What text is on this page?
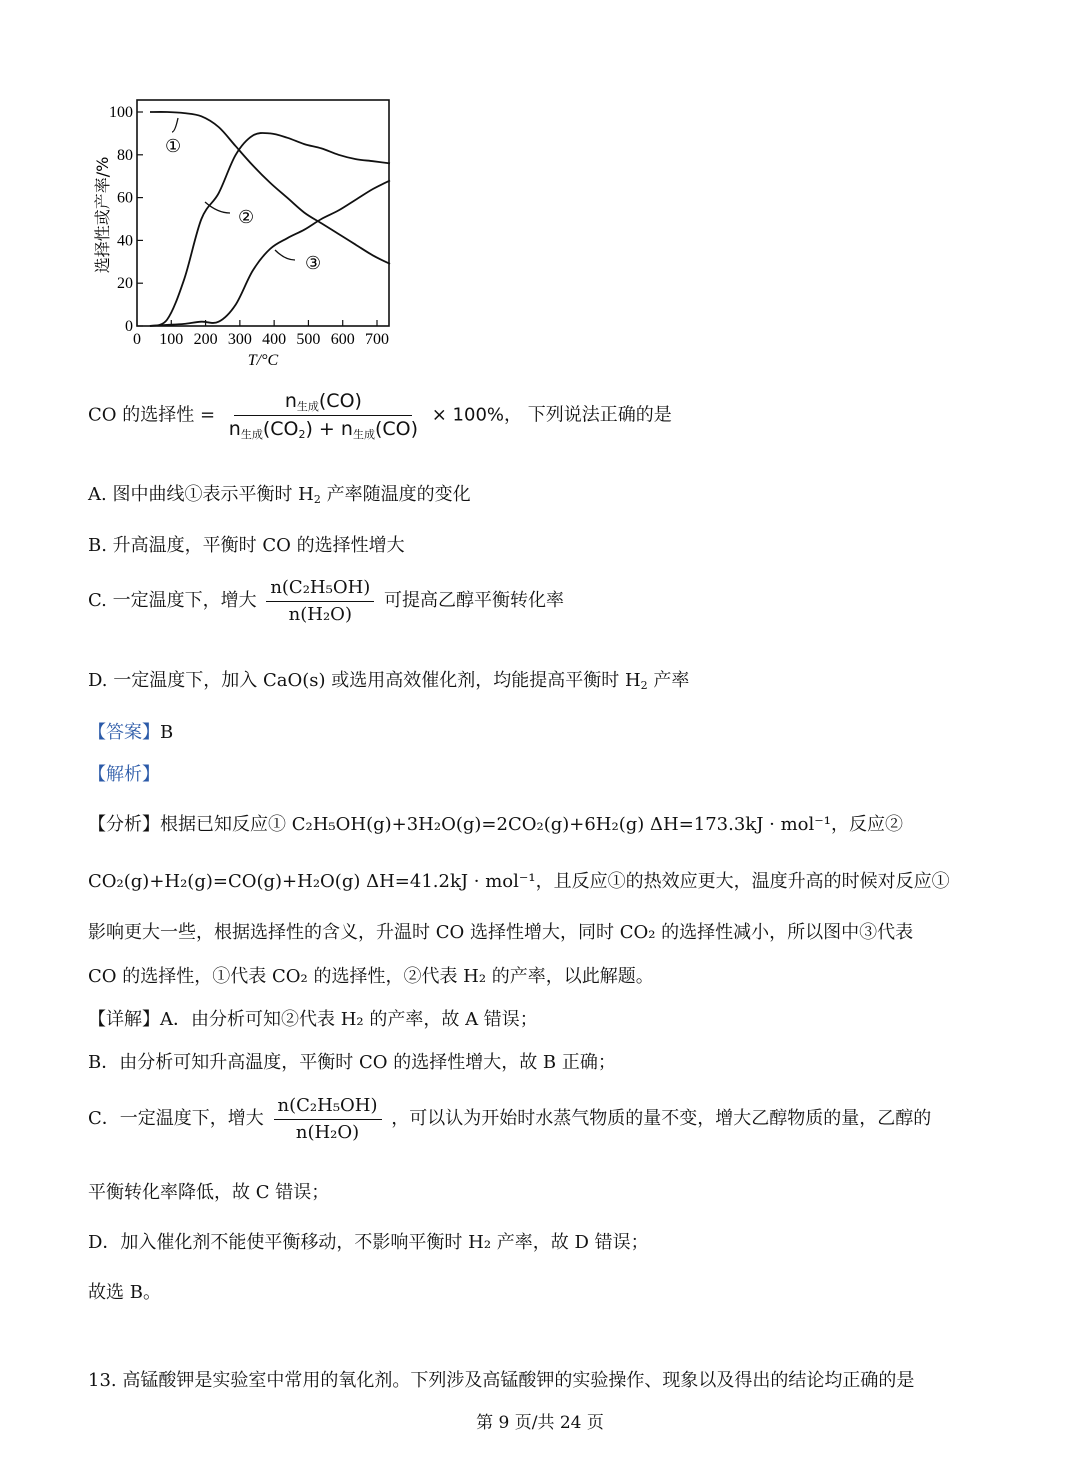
0
20
40
60
80
100
0 100 200 300 400 500 600 700
①
②
③
选择性或产率/%
T/°C
CO 的选择性 = $\frac{n_{生成}(CO)}{n_{生成}(CO_2) + n_{生成}(CO)} \times 100\%$， 下列说法正确的是
A. 图中曲线①表示平衡时 $H_2$ 产率随温度的变化
B. 升高温度，平衡时 CO 的选择性增大
C. 一定温度下，增大 $\frac{\text{n(C₂H₅OH)}}{\text{n(H₂O)}}$ 可提高乙醇平衡转化率
D. 一定温度下，加入 CaO(s) 或选用高效催化剂，均能提高平衡时 $H_2$ 产率
【答案】B
【解析】
【分析】根据已知反应① C₂H₅OH(g)+3H₂O(g)=2CO₂(g)+6H₂(g) ΔH=173.3kJ · mol⁻¹，反应②
CO₂(g)+H₂(g)=CO(g)+H₂O(g) ΔH=41.2kJ · mol⁻¹，且反应①的热效应更大，温度升高的时候对反应①
影响更大一些，根据选择性的含义，升温时 CO 选择性增大，同时 CO₂ 的选择性减小，所以图中③代表
CO 的选择性，①代表 CO₂ 的选择性，②代表 H₂ 的产率，以此解题。
【详解】A．由分析可知②代表 H₂ 的产率，故 A 错误；
B．由分析可知升高温度，平衡时 CO 的选择性增大，故 B 正确；
C．一定温度下，增大 $\frac{\text{n(C₂H₅OH)}}{\text{n(H₂O)}}$ ，可以认为开始时水蒸气物质的量不变，增大乙醇物质的量，乙醇的
平衡转化率降低，故 C 错误；
D．加入催化剂不能使平衡移动，不影响平衡时 H₂ 产率，故 D 错误；
故选 B。
13. 高锰酸钾是实验室中常用的氧化剂。下列涉及高锰酸钾的实验操作、现象以及得出的结论均正确的是
第 9 页/共 24 页
